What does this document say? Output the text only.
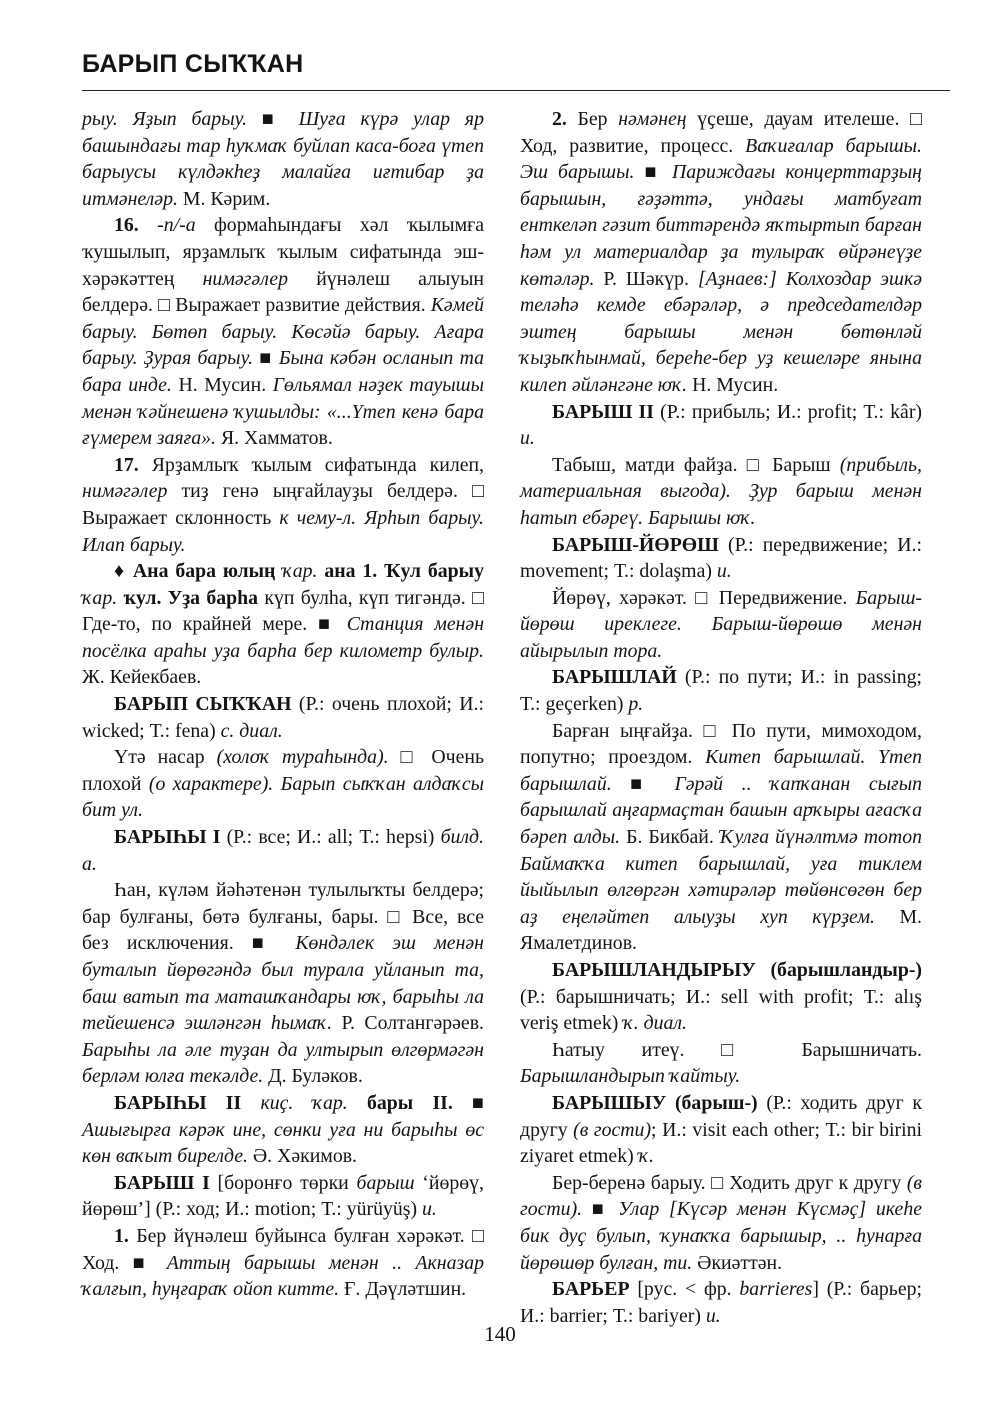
БАРЫП СЫҠҠАН

рыу. Яҙып барыу. ■ Шуға күрә улар яр башындағы тар һуҡмаҡ буйлап каса-боға үтеп барыусы күлдәкһеҙ малайға иғтибар ҙа итмәнеләр. М. Кәрим.

16. -п/-а формаһындағы хәл ҡылымға ҡушылып, ярҙамлыҡ ҡылым сифатында эш-хәрәкәттең нимәгәлер йүнәлеш алыуын белдерә. □ Выражает развитие действия. Кәмей барыу. Бөтөп барыу. Көсәйә барыу. Ағара барыу. Ҙурая барыу. ■ Бына кәбән осланып та бара инде. Н. Мусин. Гөльямал нәҙек тауышы менән ҡәйнешенә ҡушылды: «...Үтеп кенә бара ғүмерем заяға». Я. Хамматов.

17. Ярҙамлыҡ ҡылым сифатында килеп, нимәгәлер тиҙ генә ыңғайлауҙы белдерә. □ Выражает склонность к чему-л. Ярһып барыу. Илап барыу.

♦ Ана бара юлың ҡар. ана 1. Ҡул барыу ҡар. ҡул. Уҙа барһа күп булһа, күп тигәндә. □ Где-то, по крайней мере. ■ Станция менән посёлка араһы уҙа барһа бер километр булыр. Ж. Кейекбаев.

БАРЫП СЫҠҠАН (Р.: очень плохой; И.: wicked; Т.: fena) с. диал.

Үтә насар (холоҡ тураһында). □ Очень плохой (о характере). Барып сыҡҡан алдаҡсы бит ул.

БАРЫҺЫ I (Р.: все; И.: all; Т.: hepsi) билд. а.

Һан, күләм йәһәтенән тулылыҡты белдерә; бар булғаны, бөтә булғаны, бары. □ Все, все без исключения. ■ Көндәлек эш менән буталып йөрөгәндә был турала уйланып та, баш ватып та маташҡандары юҡ, барыһы ла тейешенсә эшләнгән һымаҡ. Р. Солтангәрәев. Барыһы ла әле туҙан да ултырып өлгөрмәгән берләм юлға текәлде. Д. Буләков.

БАРЫҺЫ II киҫ. ҡар. бары II. ■ Ашығырға кәрәк ине, сөнки уға ни барыһы өс көн ваҡыт бирелде. Ә. Хәкимов.

БАРЫШ I [боронғо төрки барыш ‘йөрөү, йөрөш’] (Р.: ход; И.: motion; Т.: yürüyüş) и.

1. Бер йүнәлеш буйынса булған хәрәкәт. □ Ход. ■ Аттың барышы менән .. Акназар ҡалғып, һуңғараҡ ойоп китте. Ғ. Дәүләтшин.

2. Бер нәмәнең үҫеше, дауам ителеше. □ Ход, развитие, процесс. Ваҡиғалар барышы. Эш барышы. ■ Париждағы концерттарҙың барышын, ғәҙәттә, ундағы матбуғат енткеләп гәзит биттәрендә яҡтыртып барған һәм ул материалдар ҙа тулыраҡ өйрәнеүҙе көтәләр. Р. Шәкүр. [Аҙнаев:] Колхоздар эшкә теләһә кемде ебәрәләр, ә председателдәр эштең барышы менән бөтөнләй ҡыҙыҡһынмай, береһе-бер уҙ кешеләре янына килеп әйләнгәне юҡ. Н. Мусин.

БАРЫШ II (Р.: прибыль; И.: profit; Т.: kâr) и.

Табыш, матди файҙа. □ Барыш (прибыль, материальная выгода). Ҙур барыш менән һатып ебәреү. Барышы юҡ.

БАРЫШ-ЙӨРӨШ (Р.: передвижение; И.: movement; Т.: dolaşma) и.

Йөрөү, хәрәкәт. □ Передвижение. Барыш-йөрөш иреклеге. Барыш-йөрөшө менән айырылып тора.

БАРЫШЛАЙ (Р.: по пути; И.: in passing; Т.: geçerken) р.

Барған ыңғайҙа. □ По пути, мимоходом, попутно; проездом. Китеп барышлай. Үтеп барышлай. ■ Гәрәй .. ҡапҡанан сығып барышлай аңғармаҫтан башын арҡыры ағасҡа бәреп алды. Б. Бикбай. Ҡулға йүнәлтмә тотоп Баймаҡҡа китеп барышлай, уға тиклем йыйылып өлгөргән хәтирәләр төйөнсөгөн бер аҙ еңеләйтеп алыуҙы хуп күрҙем. М. Ямалетдинов.

БАРЫШЛАНДЫРЫУ (барышландыр-) (Р.: барышничать; И.: sell with profit; Т.: alış veriş etmek) ҡ. диал.

Һатыу итеү. □ Барышничать. Барышландырып ҡайтыу.

БАРЫШЫУ (барыш-) (Р.: ходить друг к другу (в гости); И.: visit each other; Т.: bir birini ziyaret etmek) ҡ.

Бер-беренә барыу. □ Ходить друг к другу (в гости). ■ Улар [Күсәр менән Күсмәҫ] икеһе бик дуҫ булып, ҡунаҡҡа барышыр, .. һунарға йөрөшөр булған, ти. Әкиәттән.

БАРЬЕР [рус. < фр. barrieres] (Р.: барьер; И.: barrier; Т.: bariyer) и.

140
